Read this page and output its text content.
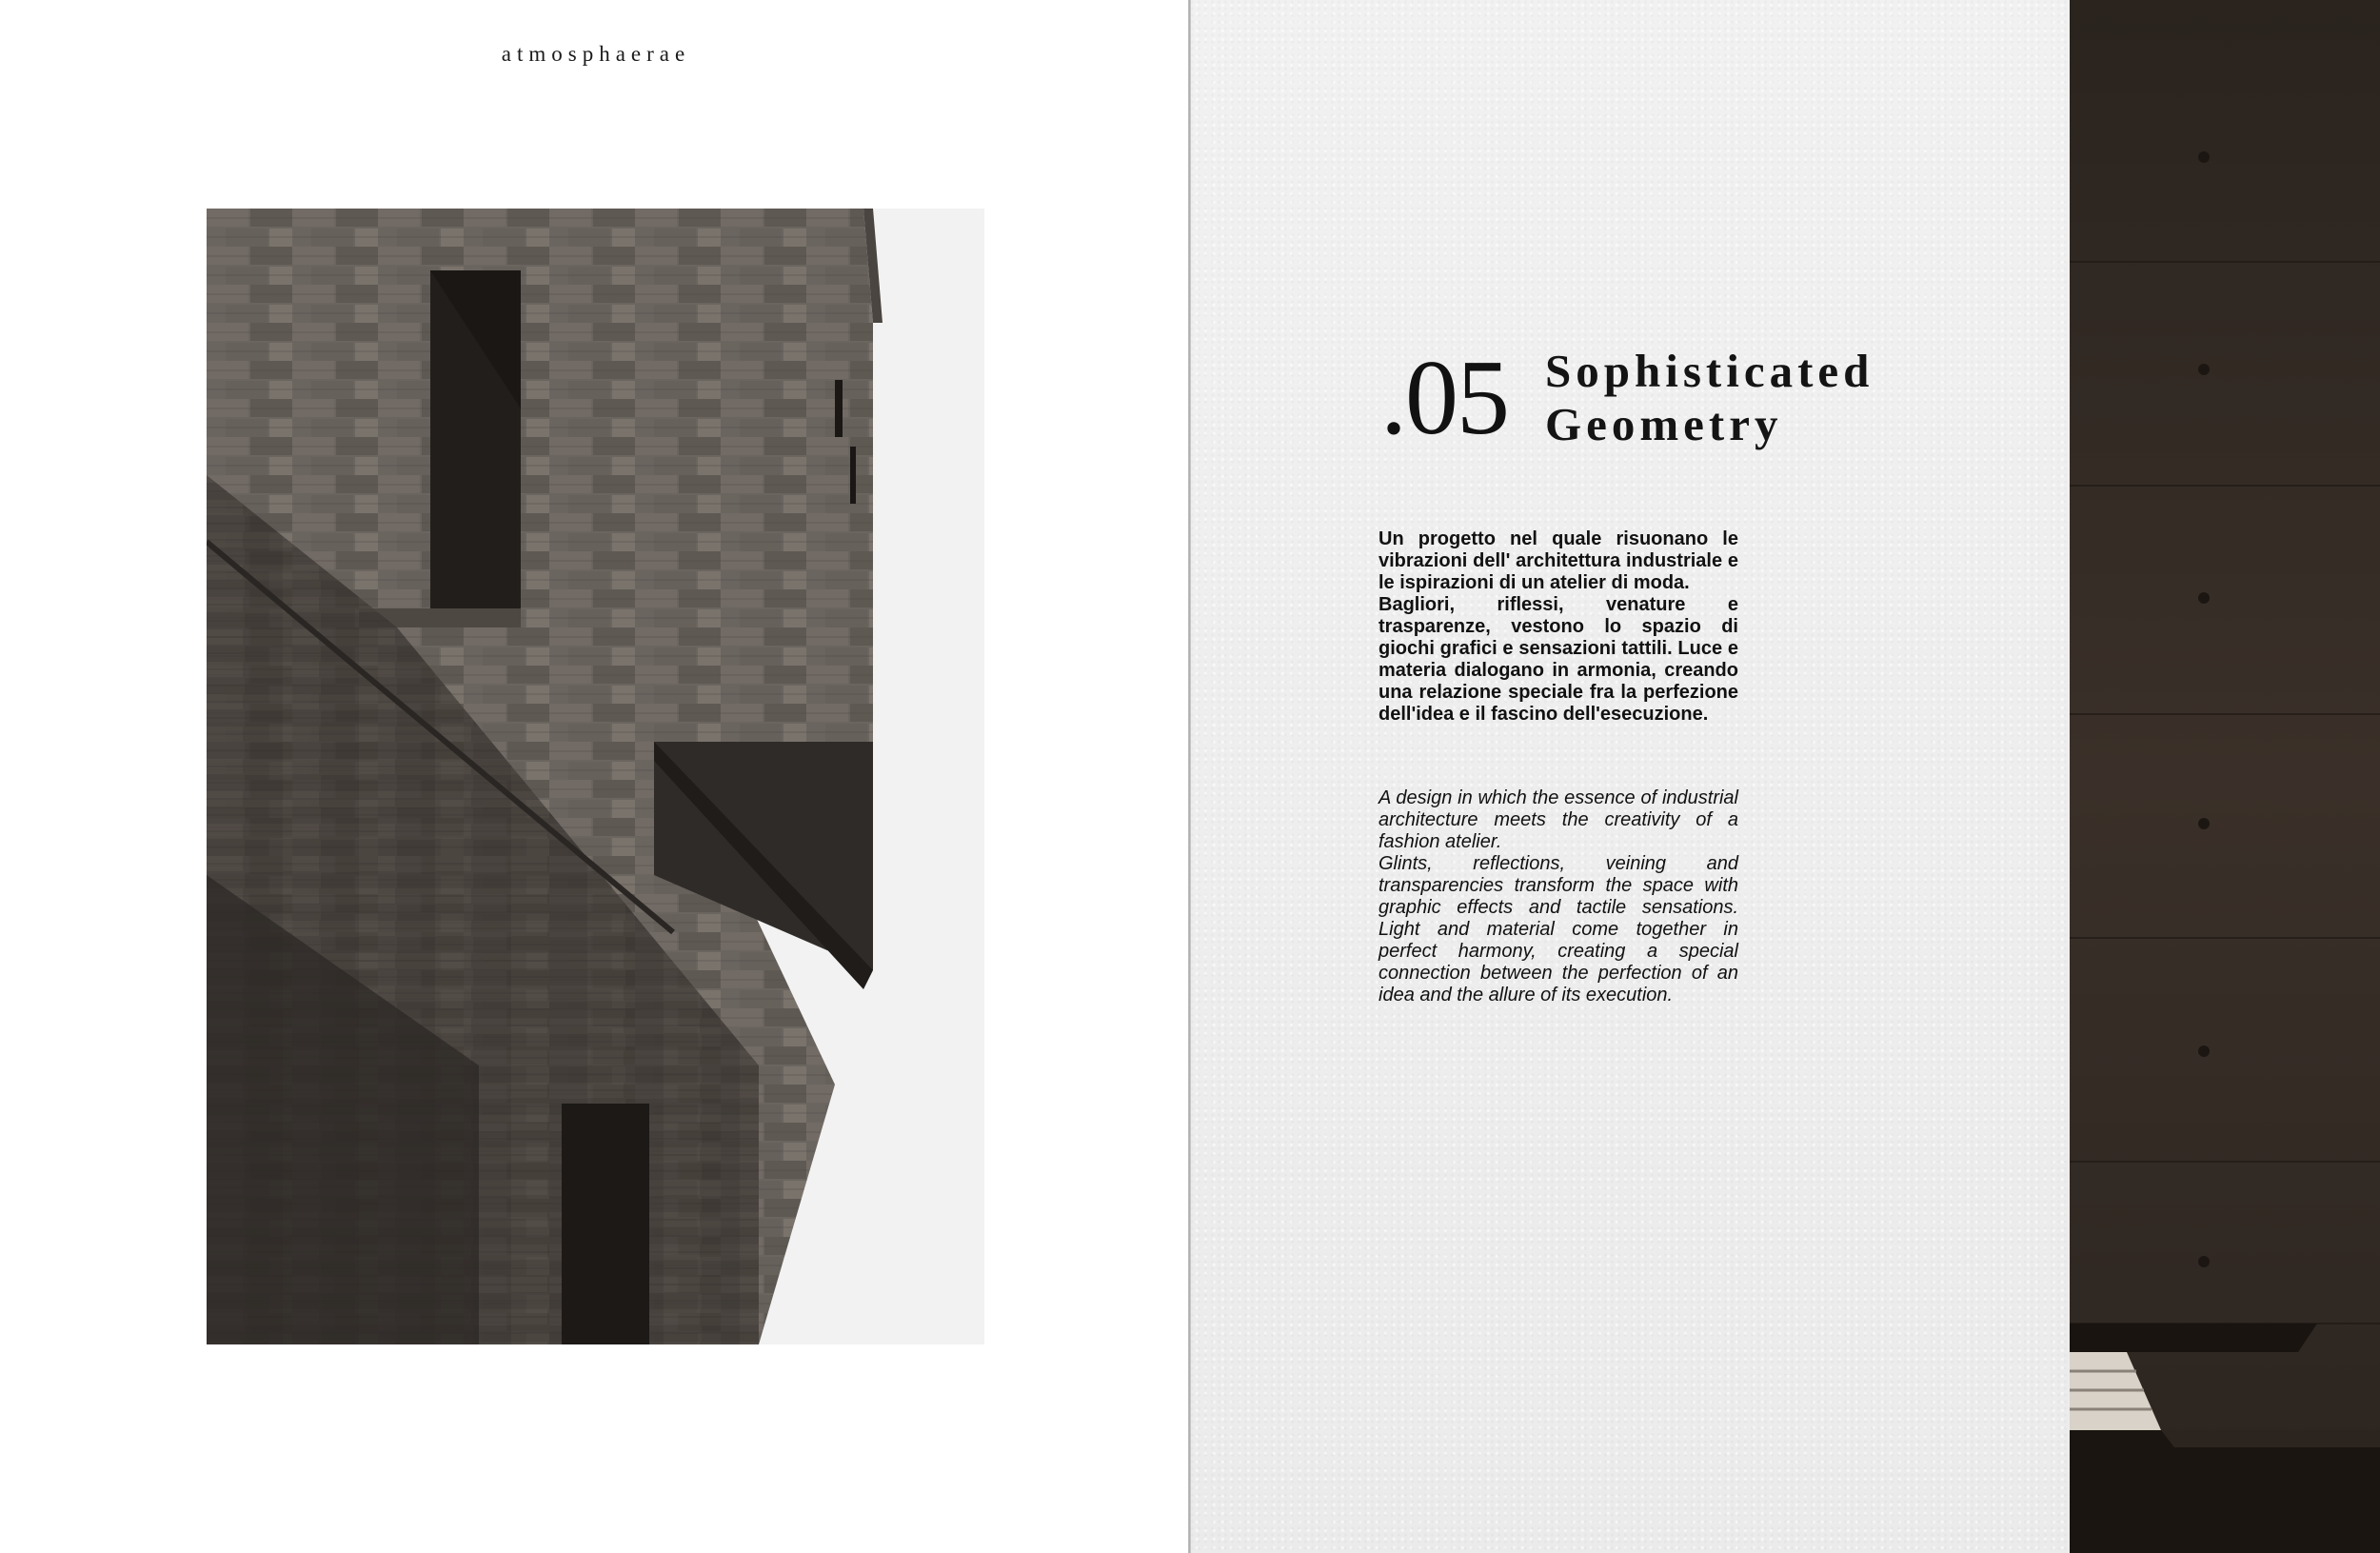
atmosphaerae
.05 Sophisticated
Geometry

Un progetto nel quale risuonano le vibrazioni dell' architettura industriale e le ispirazioni di un atelier di moda.

Bagliori, riflessi, venature e trasparenze, vestono lo spazio di giochi grafici e sensazioni tattili. Luce e materia dialogano in armonia, creando una relazione speciale fra la perfezione dell'idea e il fascino dell'esecuzione.

A design in which the essence of industrial architecture meets the creativity of a fashion atelier.

Glints, reflections, veining and transparencies transform the space with graphic effects and tactile sensations. Light and material come together in perfect harmony, creating a special connection between the perfection of an idea and the allure of its execution.
